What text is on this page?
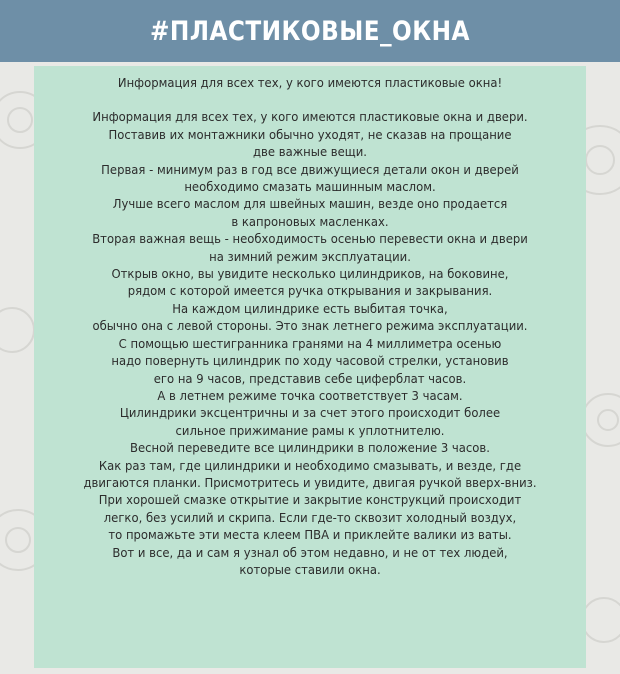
#ПЛАСТИКОВЫЕ_ОКНА

Информация для всех тех, у кого имеются пластиковые окна!

Информация для всех тех, у кого имеются пластиковые окна и двери.

Поставив их монтажники обычно уходят, не сказав на прощание

две важные вещи.

Первая - минимум раз в год все движущиеся детали окон и дверей

необходимо смазать машинным маслом.

Лучше всего маслом для швейных машин, везде оно продается

в капроновых масленках.

Вторая важная вещь - необходимость осенью перевести окна и двери

на зимний режим эксплуатации.

Открыв окно, вы увидите несколько цилиндриков, на боковине,

рядом с которой имеется ручка открывания и закрывания.

На каждом цилиндрике есть выбитая точка,

обычно она с левой стороны. Это знак летнего режима эксплуатации.

С помощью шестигранника гранями на 4 миллиметра осенью

надо повернуть цилиндрик по ходу часовой стрелки, установив

его на 9 часов, представив себе циферблат часов.

А в летнем режиме точка соответствует 3 часам.

Цилиндрики эксцентричны и за счет этого происходит более

сильное прижимание рамы к уплотнителю.

Весной переведите все цилиндрики в положение 3 часов.

Как раз там, где цилиндрики и необходимо смазывать, и везде, где

двигаются планки. Присмотритесь и увидите, двигая ручкой вверх-вниз.

При хорошей смазке открытие и закрытие конструкций происходит

легко, без усилий и скрипа. Если где-то сквозит холодный воздух,

то промажьте эти места клеем ПВА и приклейте валики из ваты.

Вот и все, да и сам я узнал об этом недавно, и не от тех людей,

которые ставили окна.
